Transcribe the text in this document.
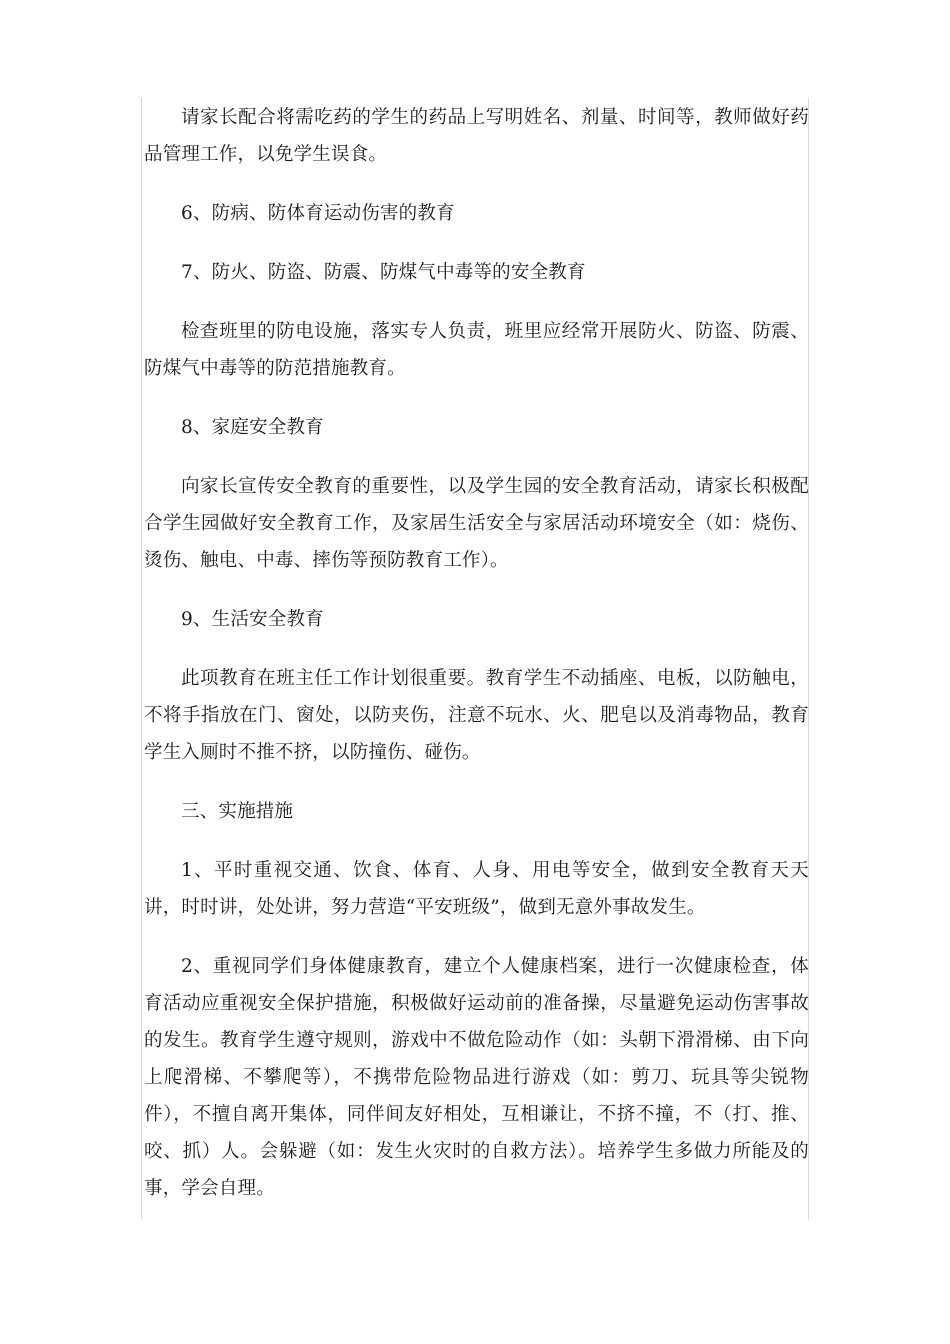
请家长配合将需吃药的学生的药品上写明姓名、剂量、时间等，教师做好药品管理工作，以免学生误食。

6、防病、防体育运动伤害的教育

7、防火、防盗、防震、防煤气中毒等的安全教育

检查班里的防电设施，落实专人负责，班里应经常开展防火、防盗、防震、防煤气中毒等的防范措施教育。

8、家庭安全教育

向家长宣传安全教育的重要性，以及学生园的安全教育活动，请家长积极配合学生园做好安全教育工作，及家居生活安全与家居活动环境安全（如：烧伤、烫伤、触电、中毒、摔伤等预防教育工作）。

9、生活安全教育

此项教育在班主任工作计划很重要。教育学生不动插座、电板，以防触电，不将手指放在门、窗处，以防夹伤，注意不玩水、火、肥皂以及消毒物品，教育学生入厕时不推不挤，以防撞伤、碰伤。

三、实施措施

1、平时重视交通、饮食、体育、人身、用电等安全，做到安全教育天天讲，时时讲，处处讲，努力营造“平安班级”，做到无意外事故发生。

2、重视同学们身体健康教育，建立个人健康档案，进行一次健康检查，体育活动应重视安全保护措施，积极做好运动前的准备操，尽量避免运动伤害事故的发生。教育学生遵守规则，游戏中不做危险动作（如：头朝下滑滑梯、由下向上爬滑梯、不攀爬等），不携带危险物品进行游戏（如：剪刀、玩具等尖锐物件），不擅自离开集体，同伴间友好相处，互相谦让，不挤不撞，不（打、推、咬、抓）人。会躲避（如：发生火灾时的自救方法）。培养学生多做力所能及的事，学会自理。
